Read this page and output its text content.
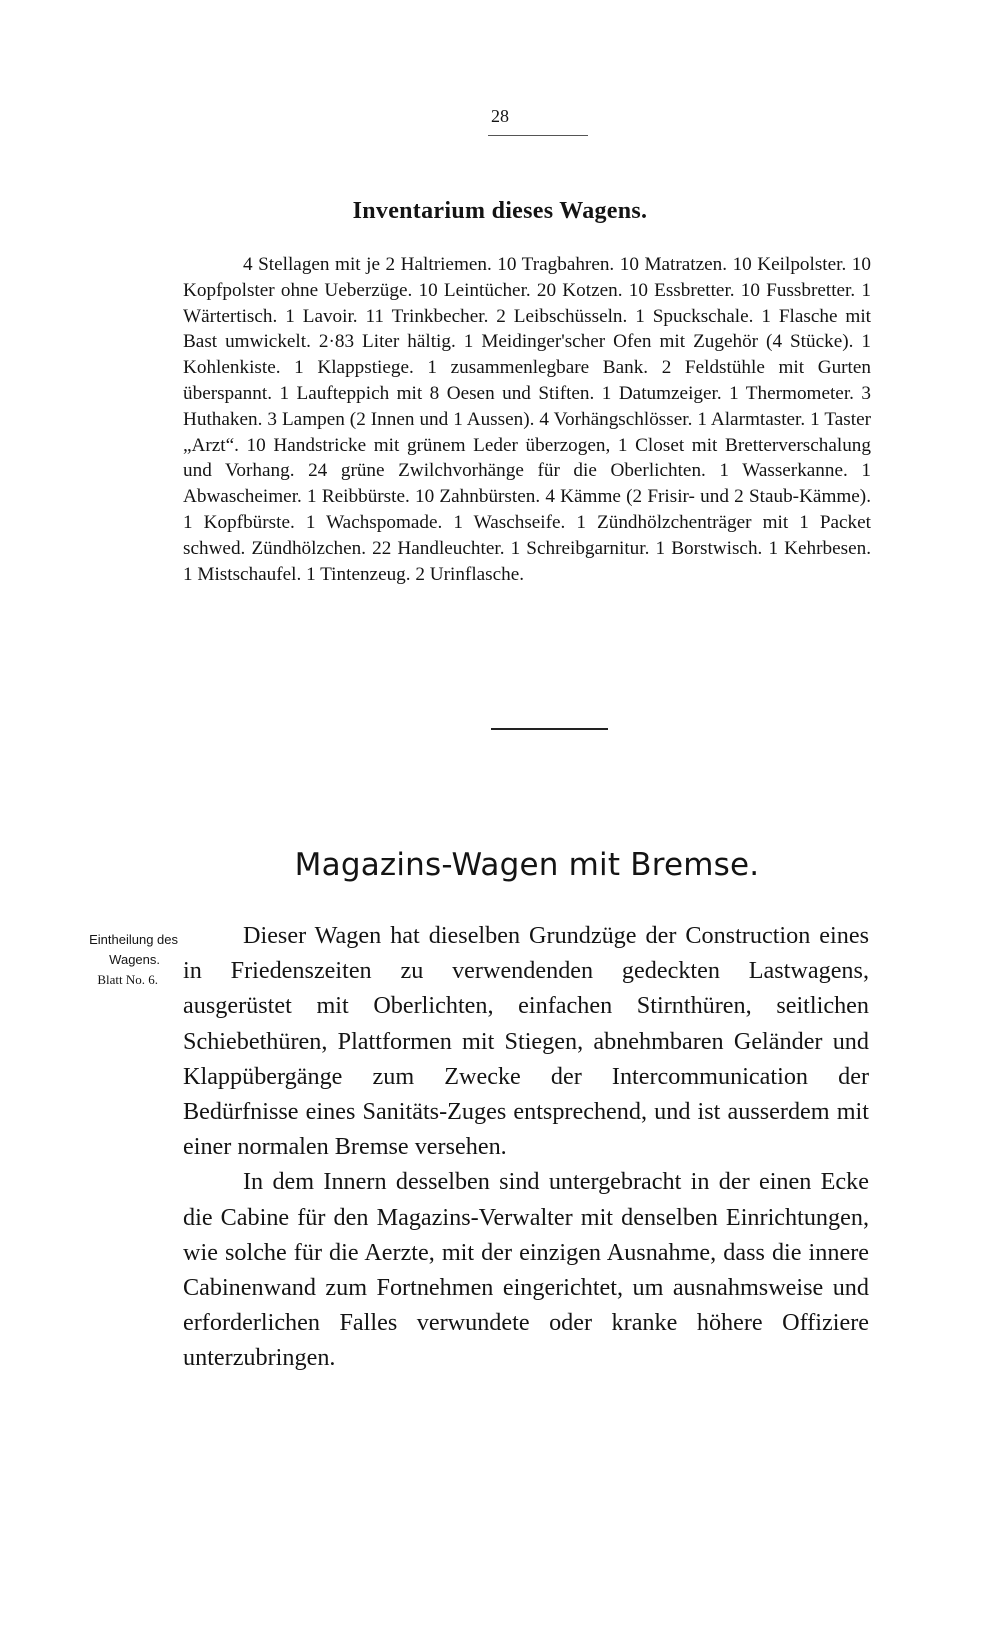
28
Inventarium dieses Wagens.

4 Stellagen mit je 2 Haltriemen. 10 Tragbahren. 10 Matratzen. 10 Keilpolster. 10 Kopfpolster ohne Ueberzüge. 10 Leintücher. 20 Kotzen. 10 Essbretter. 10 Fussbretter. 1 Wärtertisch. 1 Lavoir. 11 Trinkbecher. 2 Leibschüsseln. 1 Spuckschale. 1 Flasche mit Bast umwickelt. 2·83 Liter hältig. 1 Meidinger'scher Ofen mit Zugehör (4 Stücke). 1 Kohlenkiste. 1 Klappstiege. 1 zusammenlegbare Bank. 2 Feldstühle mit Gurten überspannt. 1 Laufteppich mit 8 Oesen und Stiften. 1 Datumzeiger. 1 Thermometer. 3 Huthaken. 3 Lampen (2 Innen und 1 Aussen). 4 Vorhängschlösser. 1 Alarmtaster. 1 Taster „Arzt“. 10 Handstricke mit grünem Leder überzogen, 1 Closet mit Bretterverschalung und Vorhang. 24 grüne Zwilchvorhänge für die Oberlichten. 1 Wasserkanne. 1 Abwascheimer. 1 Reibbürste. 10 Zahnbürsten. 4 Kämme (2 Frisir- und 2 Staub-Kämme). 1 Kopfbürste. 1 Wachspomade. 1 Waschseife. 1 Zündhölzchenträger mit 1 Packet schwed. Zündhölzchen. 22 Handleuchter. 1 Schreibgarnitur. 1 Borstwisch. 1 Kehrbesen. 1 Mistschaufel. 1 Tintenzeug. 2 Urinflasche.

Magazins-Wagen mit Bremse.
Eintheilung des
Wagens.
Blatt No. 6.

Dieser Wagen hat dieselben Grundzüge der Construction eines in Friedenszeiten zu verwendenden gedeckten Lastwagens, ausgerüstet mit Oberlichten, einfachen Stirnthüren, seitlichen Schiebethüren, Plattformen mit Stiegen, abnehmbaren Geländer und Klappübergänge zum Zwecke der Intercommunication der Bedürfnisse eines Sanitäts-Zuges entsprechend, und ist ausserdem mit einer normalen Bremse versehen.

In dem Innern desselben sind untergebracht in der einen Ecke die Cabine für den Magazins-Verwalter mit denselben Einrichtungen, wie solche für die Aerzte, mit der einzigen Ausnahme, dass die innere Cabinenwand zum Fortnehmen eingerichtet, um ausnahmsweise und erforderlichen Falles verwundete oder kranke höhere Offiziere unterzubringen.
